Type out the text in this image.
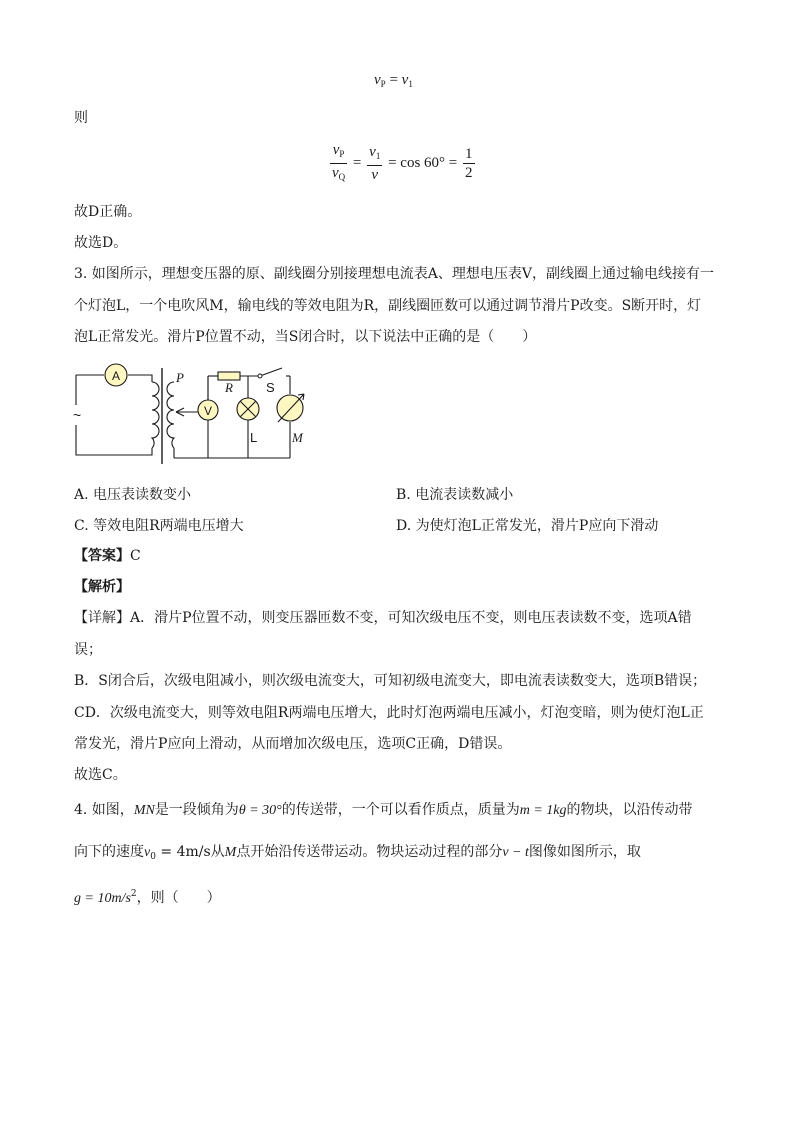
$v_P = v_1$
则
$\frac{v_P}{v_Q} = \frac{v_1}{v} = \cos 60^\circ = \frac{1}{2}$
故D正确。
故选D。
3. 如图所示，理想变压器的原、副线圈分别接理想电流表A、理想电压表V，副线圈上通过输电线接有一
个灯泡L，一个电吹风M，输电线的等效电阻为R，副线圈匝数可以通过调节滑片P改变。S断开时，灯
泡L正常发光。滑片P位置不动，当S闭合时，以下说法中正确的是（　　）
A
~
R
P
S
V
L	M
A. 电压表读数变小	B. 电流表读数减小
C. 等效电阻R两端电压增大	D. 为使灯泡L正常发光，滑片P应向下滑动
【答案】C
【解析】
【详解】A．滑片P位置不动，则变压器匝数不变，可知次级电压不变，则电压表读数不变，选项A错
误；
B．S闭合后，次级电阻减小，则次级电流变大，可知初级电流变大，即电流表读数变大，选项B错误；
CD．次级电流变大，则等效电阻R两端电压增大，此时灯泡两端电压减小，灯泡变暗，则为使灯泡L正
常发光，滑片P应向上滑动，从而增加次级电压，选项C正确，D错误。
故选C。
4. 如图，MN是一段倾角为θ = 30°的传送带，一个可以看作质点，质量为m = 1kg的物块，以沿传动带
向下的速度$v_0 = 4m/s$从M点开始沿传送带运动。物块运动过程的部分v − t图像如图所示，取
$g = 10m/s^2$，则（　　）
